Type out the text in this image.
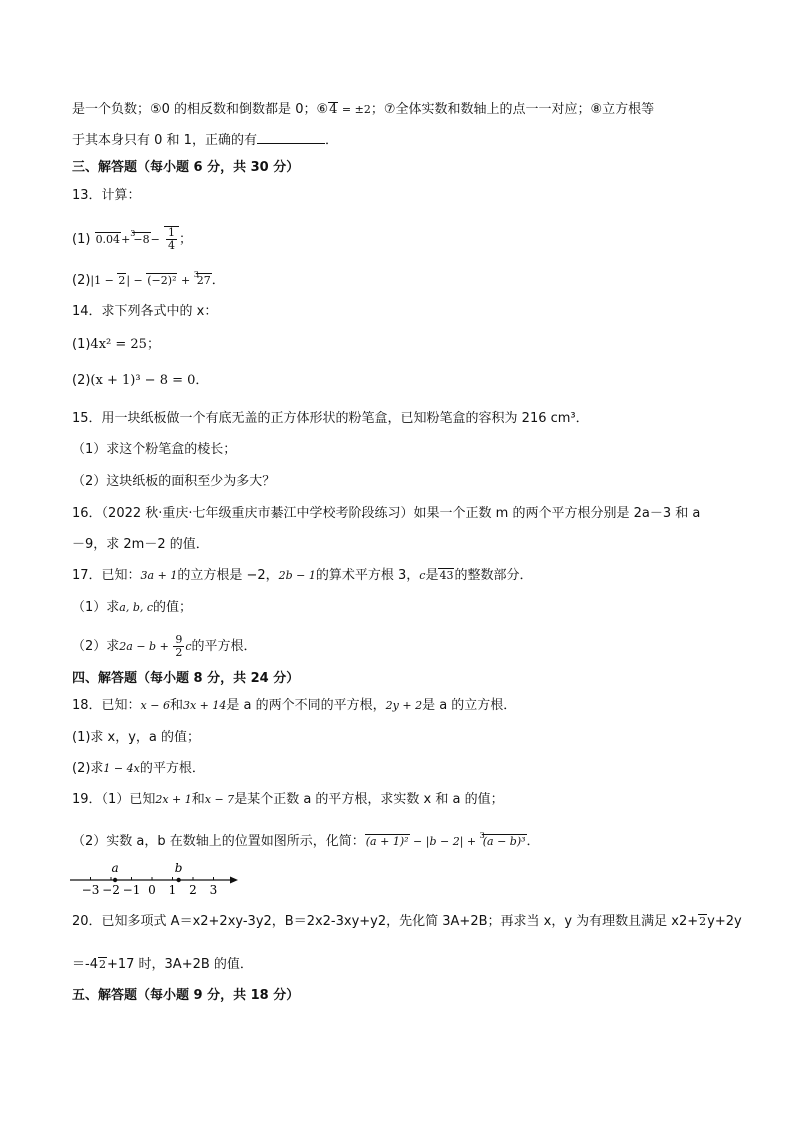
是一个负数；⑤0 的相反数和倒数都是 0；⑥4 = ±2；⑦全体实数和数轴上的点一一对应；⑧立方根等
于其本身只有 0 和 1，正确的有	．
三、解答题（每小题 6 分，共 30 分）
13．计算：
(1) $0.04+^3-8- \frac{1}{4}$ ；
(2)|1 − 2| − (−2)² + $^3$27．
14．求下列各式中的 x：
(1)4x² = 25；
(2)(x + 1)³ − 8 = 0．
15．用一块纸板做一个有底无盖的正方体形状的粉笔盒，已知粉笔盒的容积为 216 cm³．
（1）求这个粉笔盒的棱长；
（2）这块纸板的面积至少为多大？
16．（2022 秋·重庆·七年级重庆市綦江中学校考阶段练习）如果一个正数 m 的两个平方根分别是 2a－3 和 a
－9，求 2m－2 的值．
17．已知：3a + 1的立方根是 −2，2b − 1的算术平方根 3，c是43的整数部分．
（1）求a, b, c的值；
（2）求$2a - b + \frac{9}{2}$ c的平方根．
四、解答题（每小题 8 分，共 24 分）
18．已知：x − 6和3x + 14是 a 的两个不同的平方根，2y + 2是 a 的立方根．
(1)求 x，y，a 的值；
(2)求1 − 4x的平方根．
19．（1）已知2x + 1和x − 7是某个正数 a 的平方根，求实数 x 和 a 的值；
（2）实数 a，b 在数轴上的位置如图所示，化简：(a + 1)² − |b − 2| + $^3$(a − b)³．
−3 −2 −1 0 1 2 3
a	b
20．已知多项式 A＝x2+2xy-3y2，B＝2x2-3xy+y2，先化简 3A+2B；再求当 x，y 为有理数且满足 x2+2y+2y
＝-42+17 时，3A+2B 的值．
五、解答题（每小题 9 分，共 18 分）
